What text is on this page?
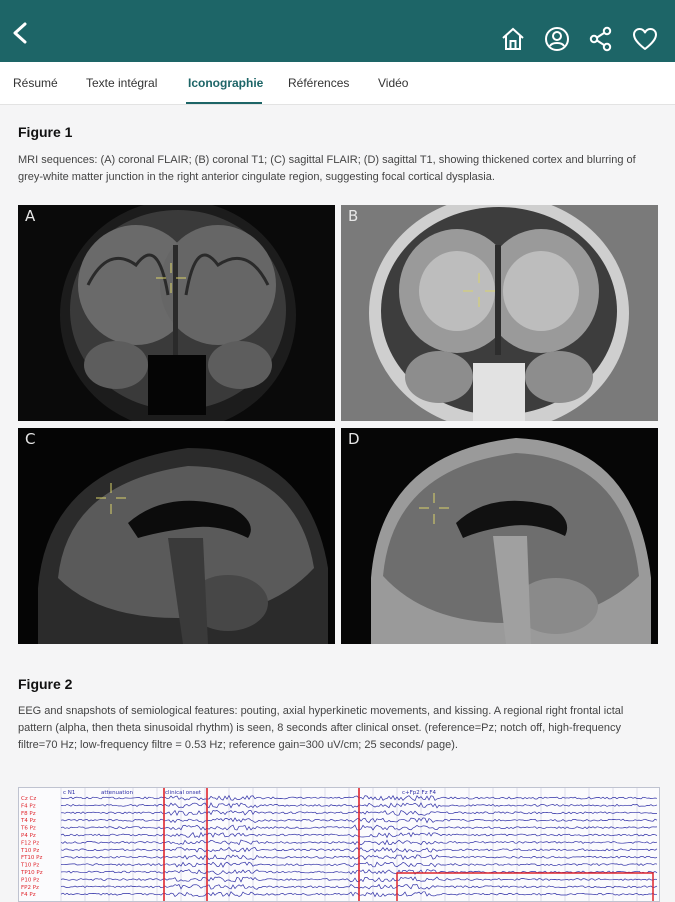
Résumé Texte intégral	Iconographie Références Vidéo
Figure 1
MRI sequences: (A) coronal FLAIR; (B) coronal T1; (C) sagittal FLAIR; (D) sagittal T1, showing thickened cortex and blurring of grey-white matter junction in the right anterior cingulate region, suggesting focal cortical dysplasia.
A	B
C	D
Figure 2
EEG and snapshots of semiological features: pouting, axial hyperkinetic movements, and kissing. A regional right frontal ictal pattern (alpha, then theta sinusoidal rhythm) is seen, 8 seconds after clinical onset. (reference=Pz; notch off, high-frequency filtre=70 Hz; low-frequency filtre = 0.53 Hz; reference gain=300 uV/cm; 25 seconds/ page).
Cz Cz
F4 Pz
F8 Pz
T4 Pz
T6 Pz
P4 Pz
F12 Pz
T10 Pz
FT10 Pz
T10 Pz
TP10 Pz
P10 Pz
FP2 Pz
F4 Pz
c N1	attenuation	clinical onset	c+Fp2 Fz F4
